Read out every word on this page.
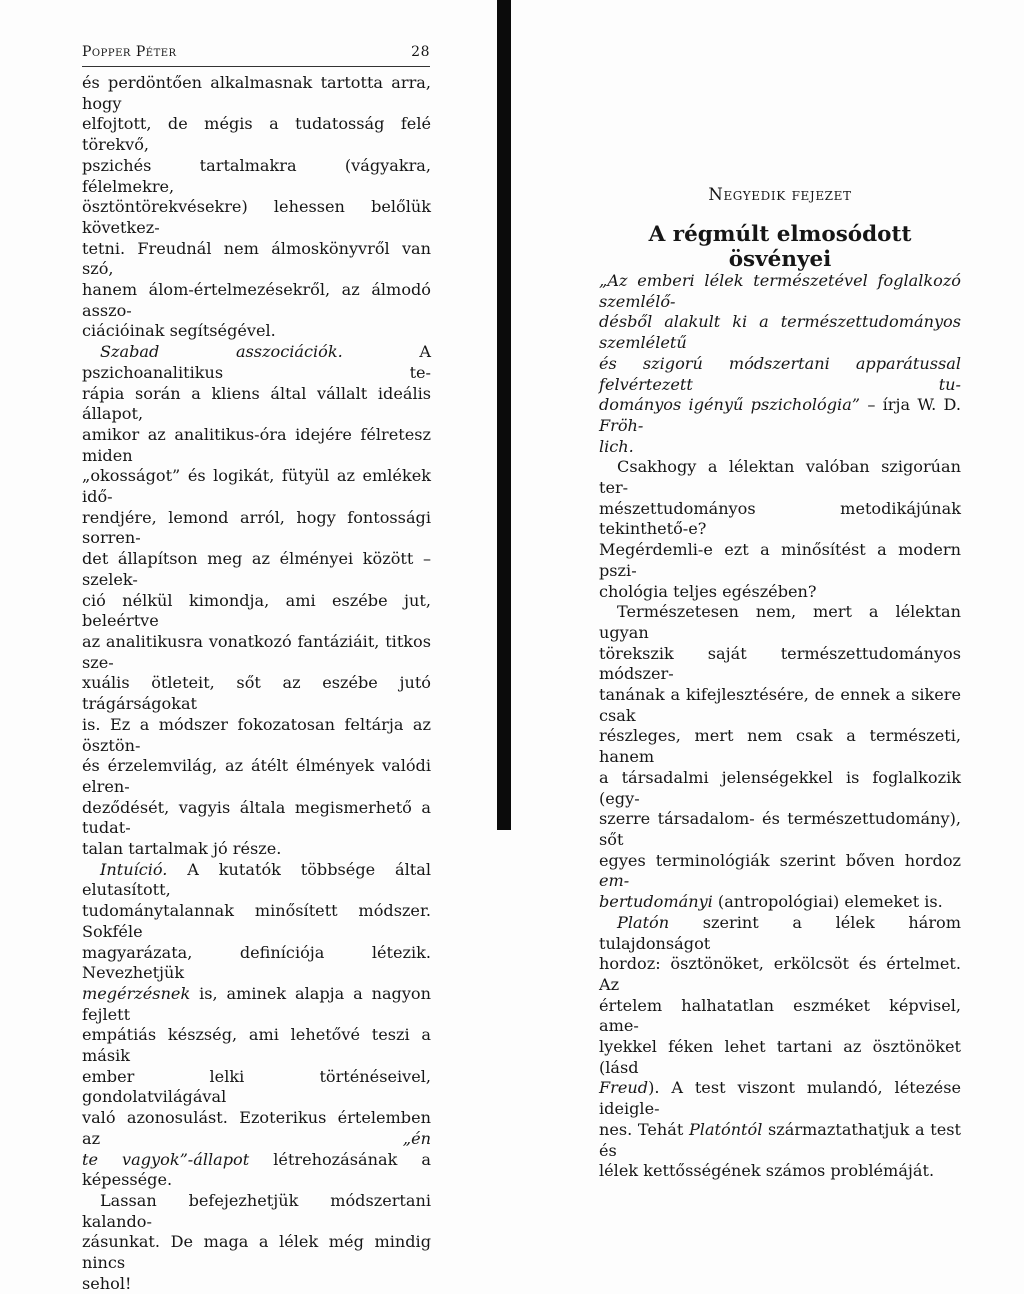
Popper Péter	28
és perdöntően alkalmasnak tartotta arra, hogy
elfojtott, de mégis a tudatosság felé törekvő,
pszichés tartalmakra (vágyakra, félelmekre,
ösztöntörekvésekre) lehessen belőlük következ-
tetni. Freudnál nem álmoskönyvről van szó,
hanem álom-értelmezésekről, az álmodó asszo-
ciációinak segítségével.
Szabad asszociációk. A pszichoanalitikus te-
rápia során a kliens által vállalt ideális állapot,
amikor az analitikus-óra idejére félretesz miden
„okosságot” és logikát, fütyül az emlékek idő-
rendjére, lemond arról, hogy fontossági sorren-
det állapítson meg az élményei között – szelek-
ció nélkül kimondja, ami eszébe jut, beleértve
az analitikusra vonatkozó fantáziáit, titkos sze-
xuális ötleteit, sőt az eszébe jutó trágárságokat
is. Ez a módszer fokozatosan feltárja az ösztön-
és érzelemvilág, az átélt élmények valódi elren-
deződését, vagyis általa megismerhető a tudat-
talan tartalmak jó része.
Intuíció. A kutatók többsége által elutasított,
tudománytalannak minősített módszer. Sokféle
magyarázata, definíciója létezik. Nevezhetjük
megérzésnek is, aminek alapja a nagyon fejlett
empátiás készség, ami lehetővé teszi a másik
ember lelki történéseivel, gondolatvilágával
való azonosulást. Ezoterikus értelemben az „én
te vagyok”-állapot létrehozásának a képessége.
Lassan befejezhetjük módszertani kalando-
zásunkat. De maga a lélek még mindig nincs
sehol!
Negyedik fejezet
A régmúlt elmosódott ösvényei
„Az emberi lélek természetével foglalkozó szemlélő-
désből alakult ki a természettudományos szemléletű
és szigorú módszertani apparátussal felvértezett tu-
dományos igényű pszichológia” – írja W. D. Fröh-
lich.
Csakhogy a lélektan valóban szigorúan ter-
mészettudományos metodikájúnak tekinthető-e?
Megérdemli-e ezt a minősítést a modern pszi-
chológia teljes egészében?
Természetesen nem, mert a lélektan ugyan
törekszik saját természettudományos módszer-
tanának a kifejlesztésére, de ennek a sikere csak
részleges, mert nem csak a természeti, hanem
a társadalmi jelenségekkel is foglalkozik (egy-
szerre társadalom- és természettudomány), sőt
egyes terminológiák szerint bőven hordoz em-
bertudományi (antropológiai) elemeket is.
Platón szerint a lélek három tulajdonságot
hordoz: ösztönöket, erkölcsöt és értelmet. Az
értelem halhatatlan eszméket képvisel, ame-
lyekkel féken lehet tartani az ösztönöket (lásd
Freud). A test viszont mulandó, létezése ideigle-
nes. Tehát Platóntól származtathatjuk a test és
lélek kettősségének számos problémáját.
